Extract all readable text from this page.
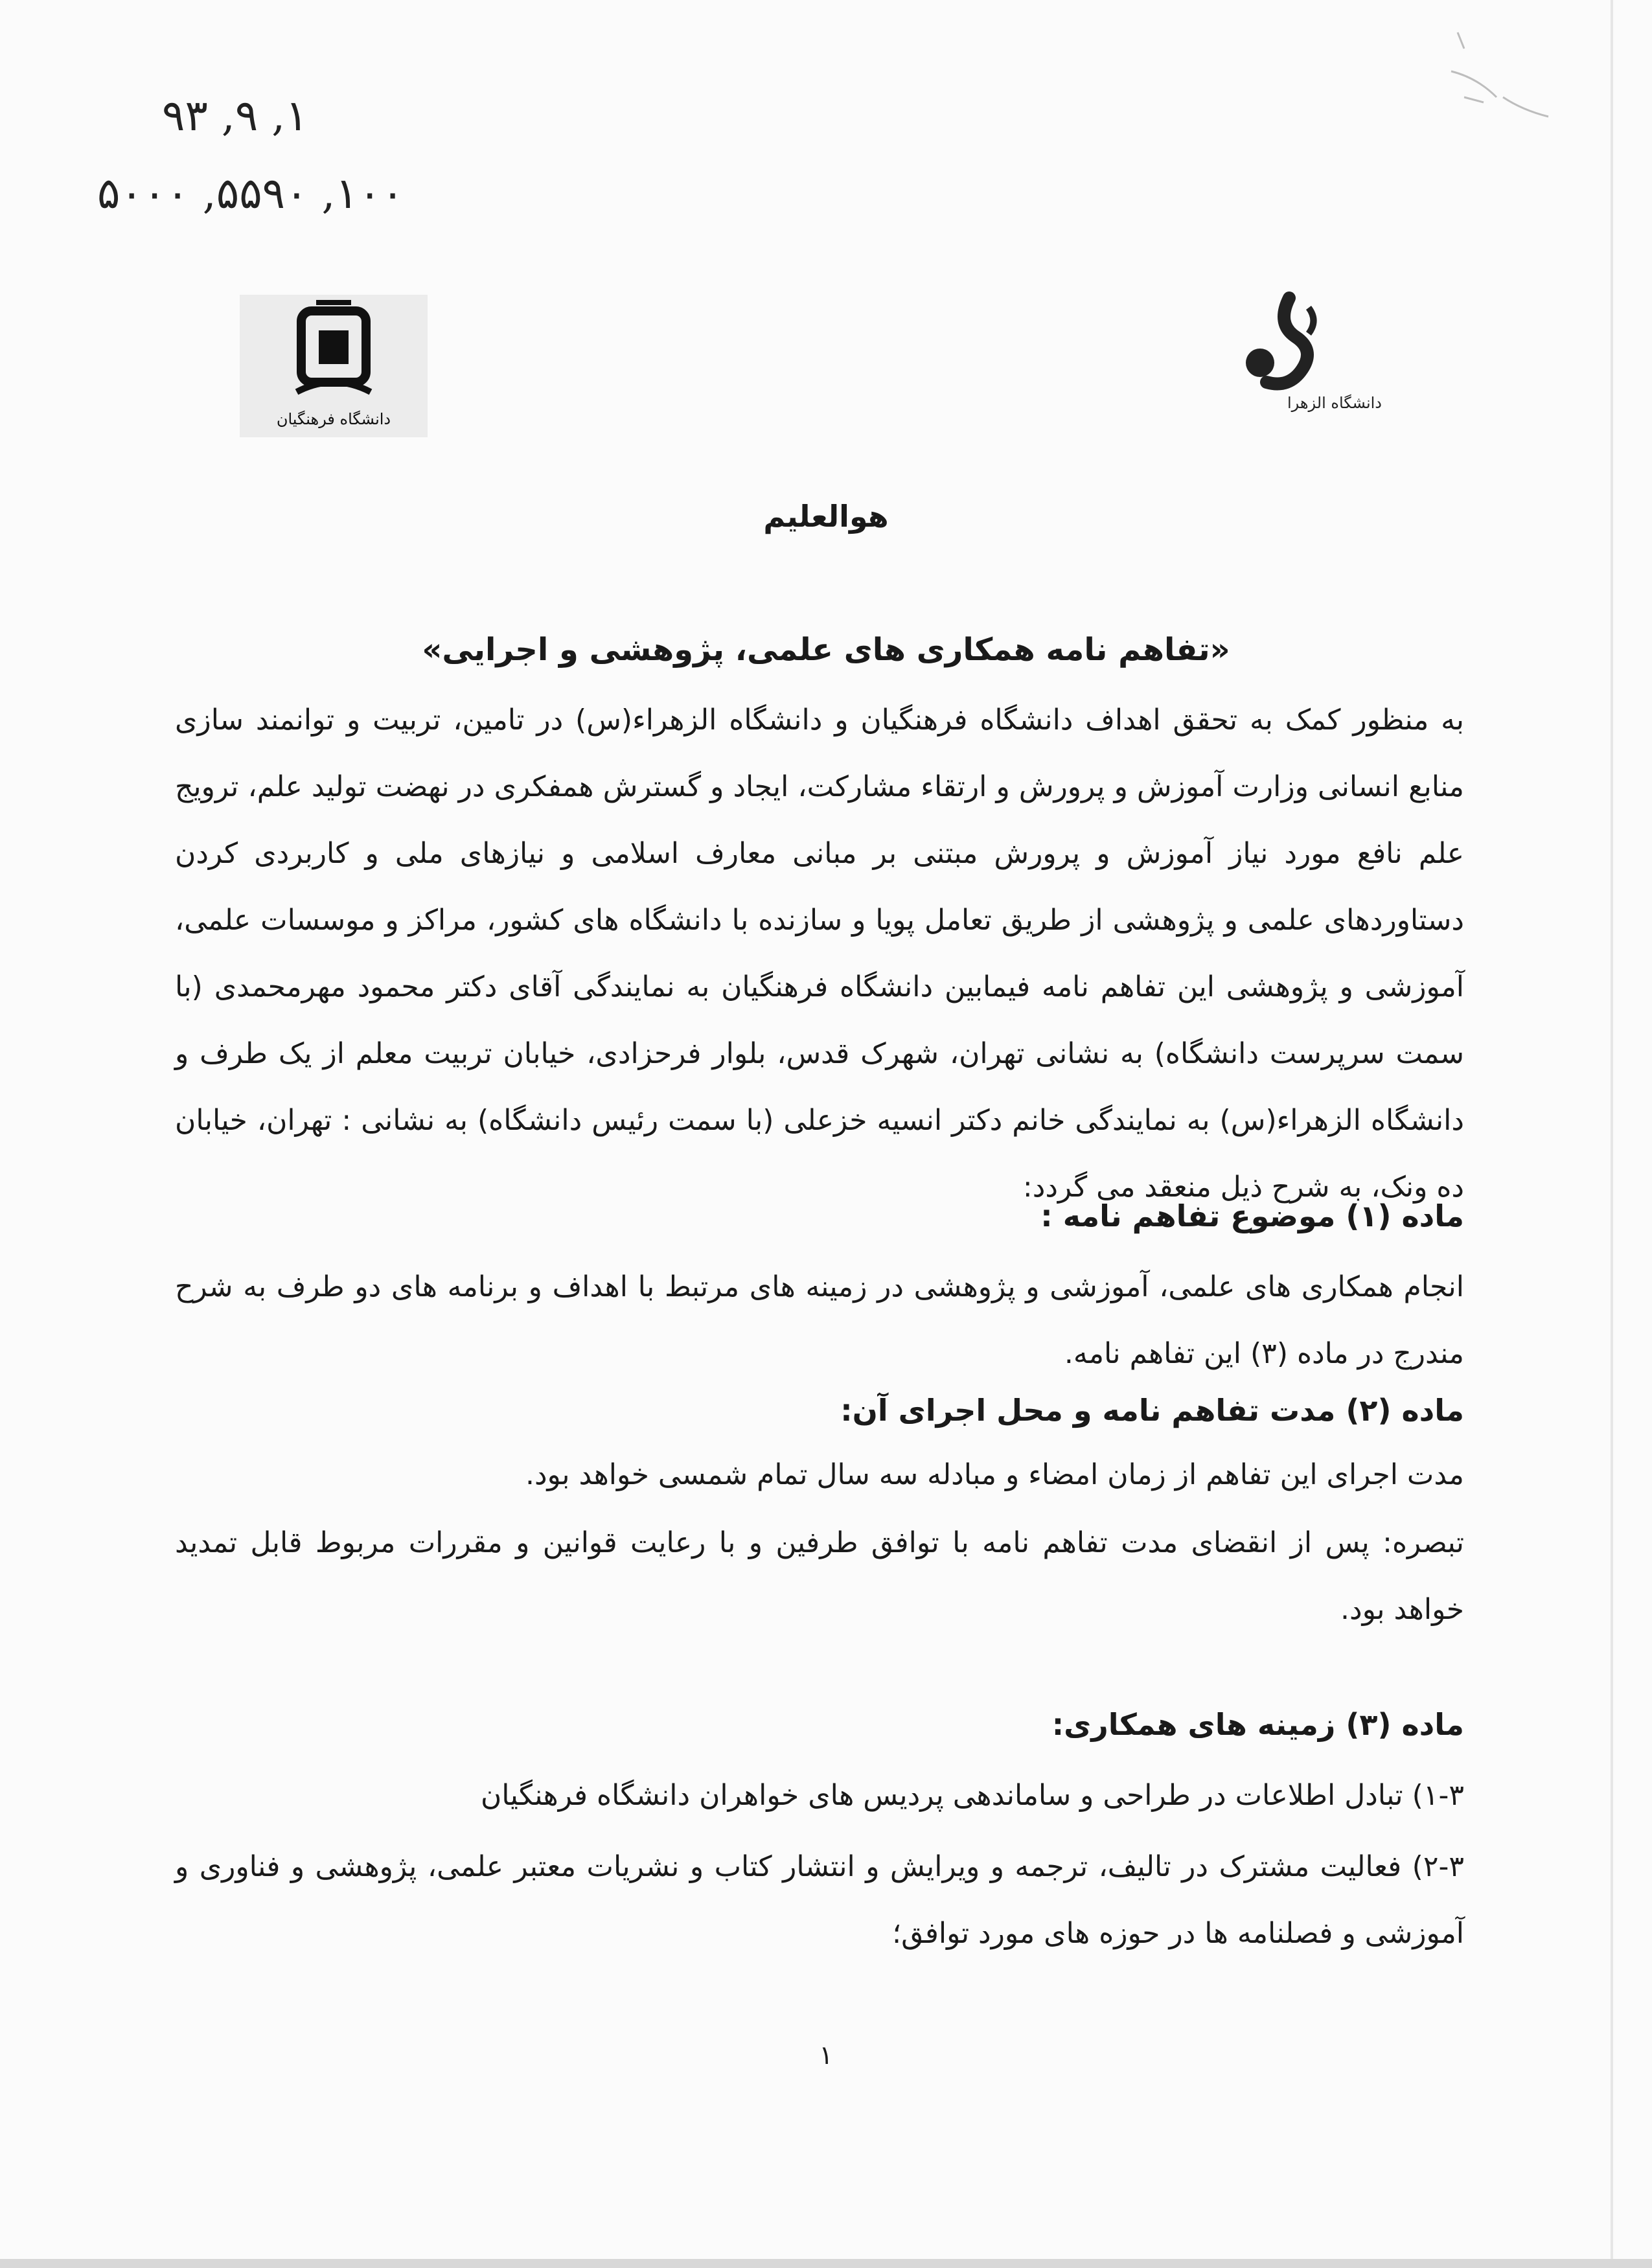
۹۳ ,۹ ,۱
۵۰۰۰ ,۵۵۹۰ ,۱۰۰
دانشگاه فرهنگیان
دانشگاه الزهرا
هوالعلیم
«تفاهم نامه همکاری های علمی، پژوهشی و اجرایی»
به منظور کمک به تحقق اهداف دانشگاه فرهنگیان و دانشگاه الزهراء(س) در تامین، تربیت و توانمند سازی منابع انسانی وزارت آموزش و پرورش و ارتقاء مشارکت، ایجاد و گسترش همفکری در نهضت تولید علم، ترویج علم نافع مورد نیاز آموزش و پرورش مبتنی بر مبانی معارف اسلامی و نیازهای ملی و کاربردی کردن دستاوردهای علمی و پژوهشی از طریق تعامل پویا و سازنده با دانشگاه های کشور، مراکز و موسسات علمی، آموزشی و پژوهشی این تفاهم نامه فیمابین دانشگاه فرهنگیان به نمایندگی آقای دکتر محمود مهرمحمدی (با سمت سرپرست دانشگاه) به نشانی تهران، شهرک قدس، بلوار فرحزادی، خیابان تربیت معلم از یک طرف و دانشگاه الزهراء(س) به نمایندگی خانم دکتر انسیه خزعلی (با سمت رئیس دانشگاه) به نشانی : تهران، خیابان ده ونک، به شرح ذیل منعقد می گردد:
ماده (۱) موضوع تفاهم نامه :
انجام همکاری های علمی، آموزشی و پژوهشی در زمینه های مرتبط با اهداف و برنامه های دو طرف به شرح مندرج در ماده (۳) این تفاهم نامه.
ماده (۲) مدت تفاهم نامه و محل اجرای آن:
مدت اجرای این تفاهم از زمان امضاء و مبادله سه سال تمام شمسی خواهد بود.
تبصره: پس از انقضای مدت تفاهم نامه با توافق طرفین و با رعایت قوانین و مقررات مربوط قابل تمدید خواهد بود.
ماده (۳) زمینه های همکاری:
۱-۳) تبادل اطلاعات در طراحی و ساماندهی پردیس های خواهران دانشگاه فرهنگیان
۲-۳) فعالیت مشترک در تالیف، ترجمه و ویرایش و انتشار کتاب و نشریات معتبر علمی، پژوهشی و فناوری و آموزشی و فصلنامه ها در حوزه های مورد توافق؛
۱
